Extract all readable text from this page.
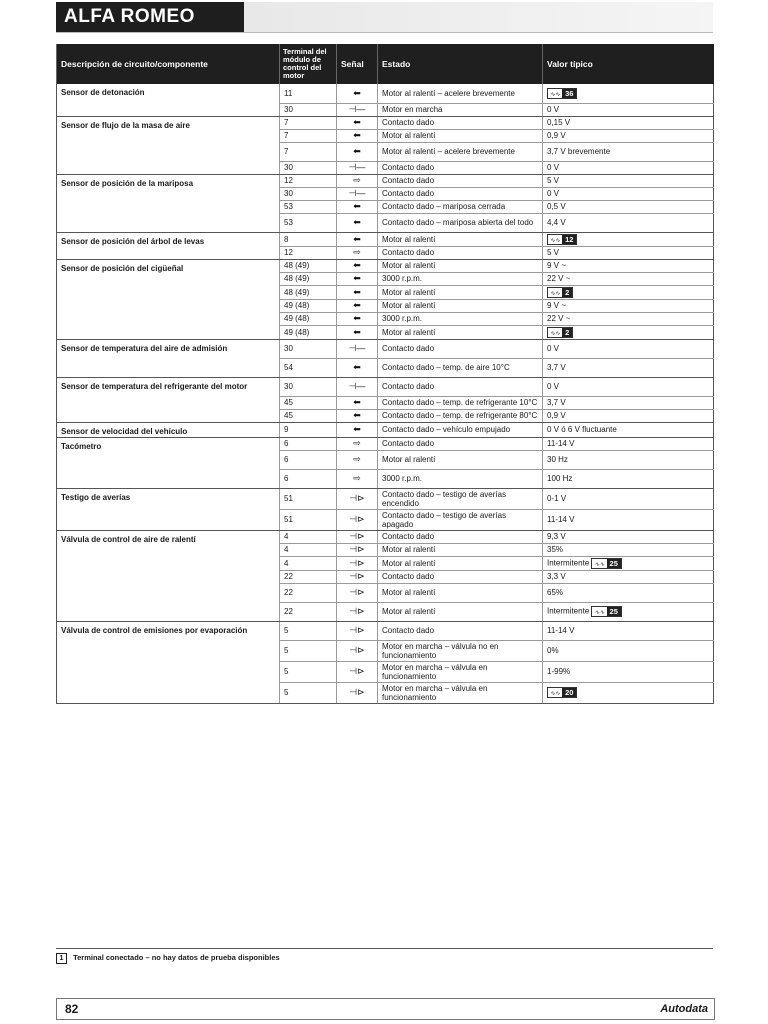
ALFA ROMEO
Descripción de circuito/componente	Terminal del módulo de control del motor	Señal	Estado	Valor típico
Sensor de detonación	11	⬅	Motor al ralentí – acelere brevemente	∿∿ 36
	30	⊣—	Motor en marcha	0 V
Sensor de flujo de la masa de aire	7	⬅	Contacto dado	0,15 V
	7	⬅	Motor al ralentí	0,9 V
	7	⬅	Motor al ralentí – acelere brevemente	3,7 V brevemente
	30	⊣—	Contacto dado	0 V
Sensor de posición de la mariposa	12	⇨	Contacto dado	5 V
	30	⊣—	Contacto dado	0 V
	53	⬅	Contacto dado – mariposa cerrada	0,5 V
	53	⬅	Contacto dado – mariposa abierta del todo	4,4 V
Sensor de posición del árbol de levas	8	⬅	Motor al ralentí	∿∿ 12
	12	⇨	Contacto dado	5 V
Sensor de posición del cigüeñal	48 (49)	⬅	Motor al ralentí	9 V ~
	48 (49)	⬅	3000 r.p.m.	22 V ~
	48 (49)	⬅	Motor al ralentí	∿∿ 2
	49 (48)	⬅	Motor al ralentí	9 V ~
	49 (48)	⬅	3000 r.p.m.	22 V ~
	49 (48)	⬅	Motor al ralentí	∿∿ 2
Sensor de temperatura del aire de admisión	30	⊣—	Contacto dado	0 V
	54	⬅	Contacto dado – temp. de aire 10°C	3,7 V
Sensor de temperatura del refrigerante del motor	30	⊣—	Contacto dado	0 V
	45	⬅	Contacto dado – temp. de refrigerante 10°C	3,7 V
	45	⬅	Contacto dado – temp. de refrigerante 80°C	0,9 V
Sensor de velocidad del vehículo	9	⬅	Contacto dado – vehículo empujado	0 V ó 6 V fluctuante
Tacómetro	6	⇨	Contacto dado	11-14 V
	6	⇨	Motor al ralentí	30 Hz
	6	⇨	3000 r.p.m.	100 Hz
Testigo de averías	51	⊣⊳	Contacto dado – testigo de averías encendido	0-1 V
	51	⊣⊳	Contacto dado – testigo de averías apagado	11-14 V
Válvula de control de aire de ralentí	4	⊣⊳	Contacto dado	9,3 V
	4	⊣⊳	Motor al ralentí	35%
	4	⊣⊳	Motor al ralentí	Intermitente ∿∿ 25
	22	⊣⊳	Contacto dado	3,3 V
	22	⊣⊳	Motor al ralentí	65%
	22	⊣⊳	Motor al ralentí	Intermitente ∿∿ 25
Válvula de control de emisiones por evaporación	5	⊣⊳	Contacto dado	11-14 V
	5	⊣⊳	Motor en marcha – válvula no en funcionamiento	0%
	5	⊣⊳	Motor en marcha – válvula en funcionamiento	1-99%
	5	⊣⊳	Motor en marcha – válvula en funcionamiento	∿∿ 20
1 Terminal conectado – no hay datos de prueba disponibles
82	Autodata
